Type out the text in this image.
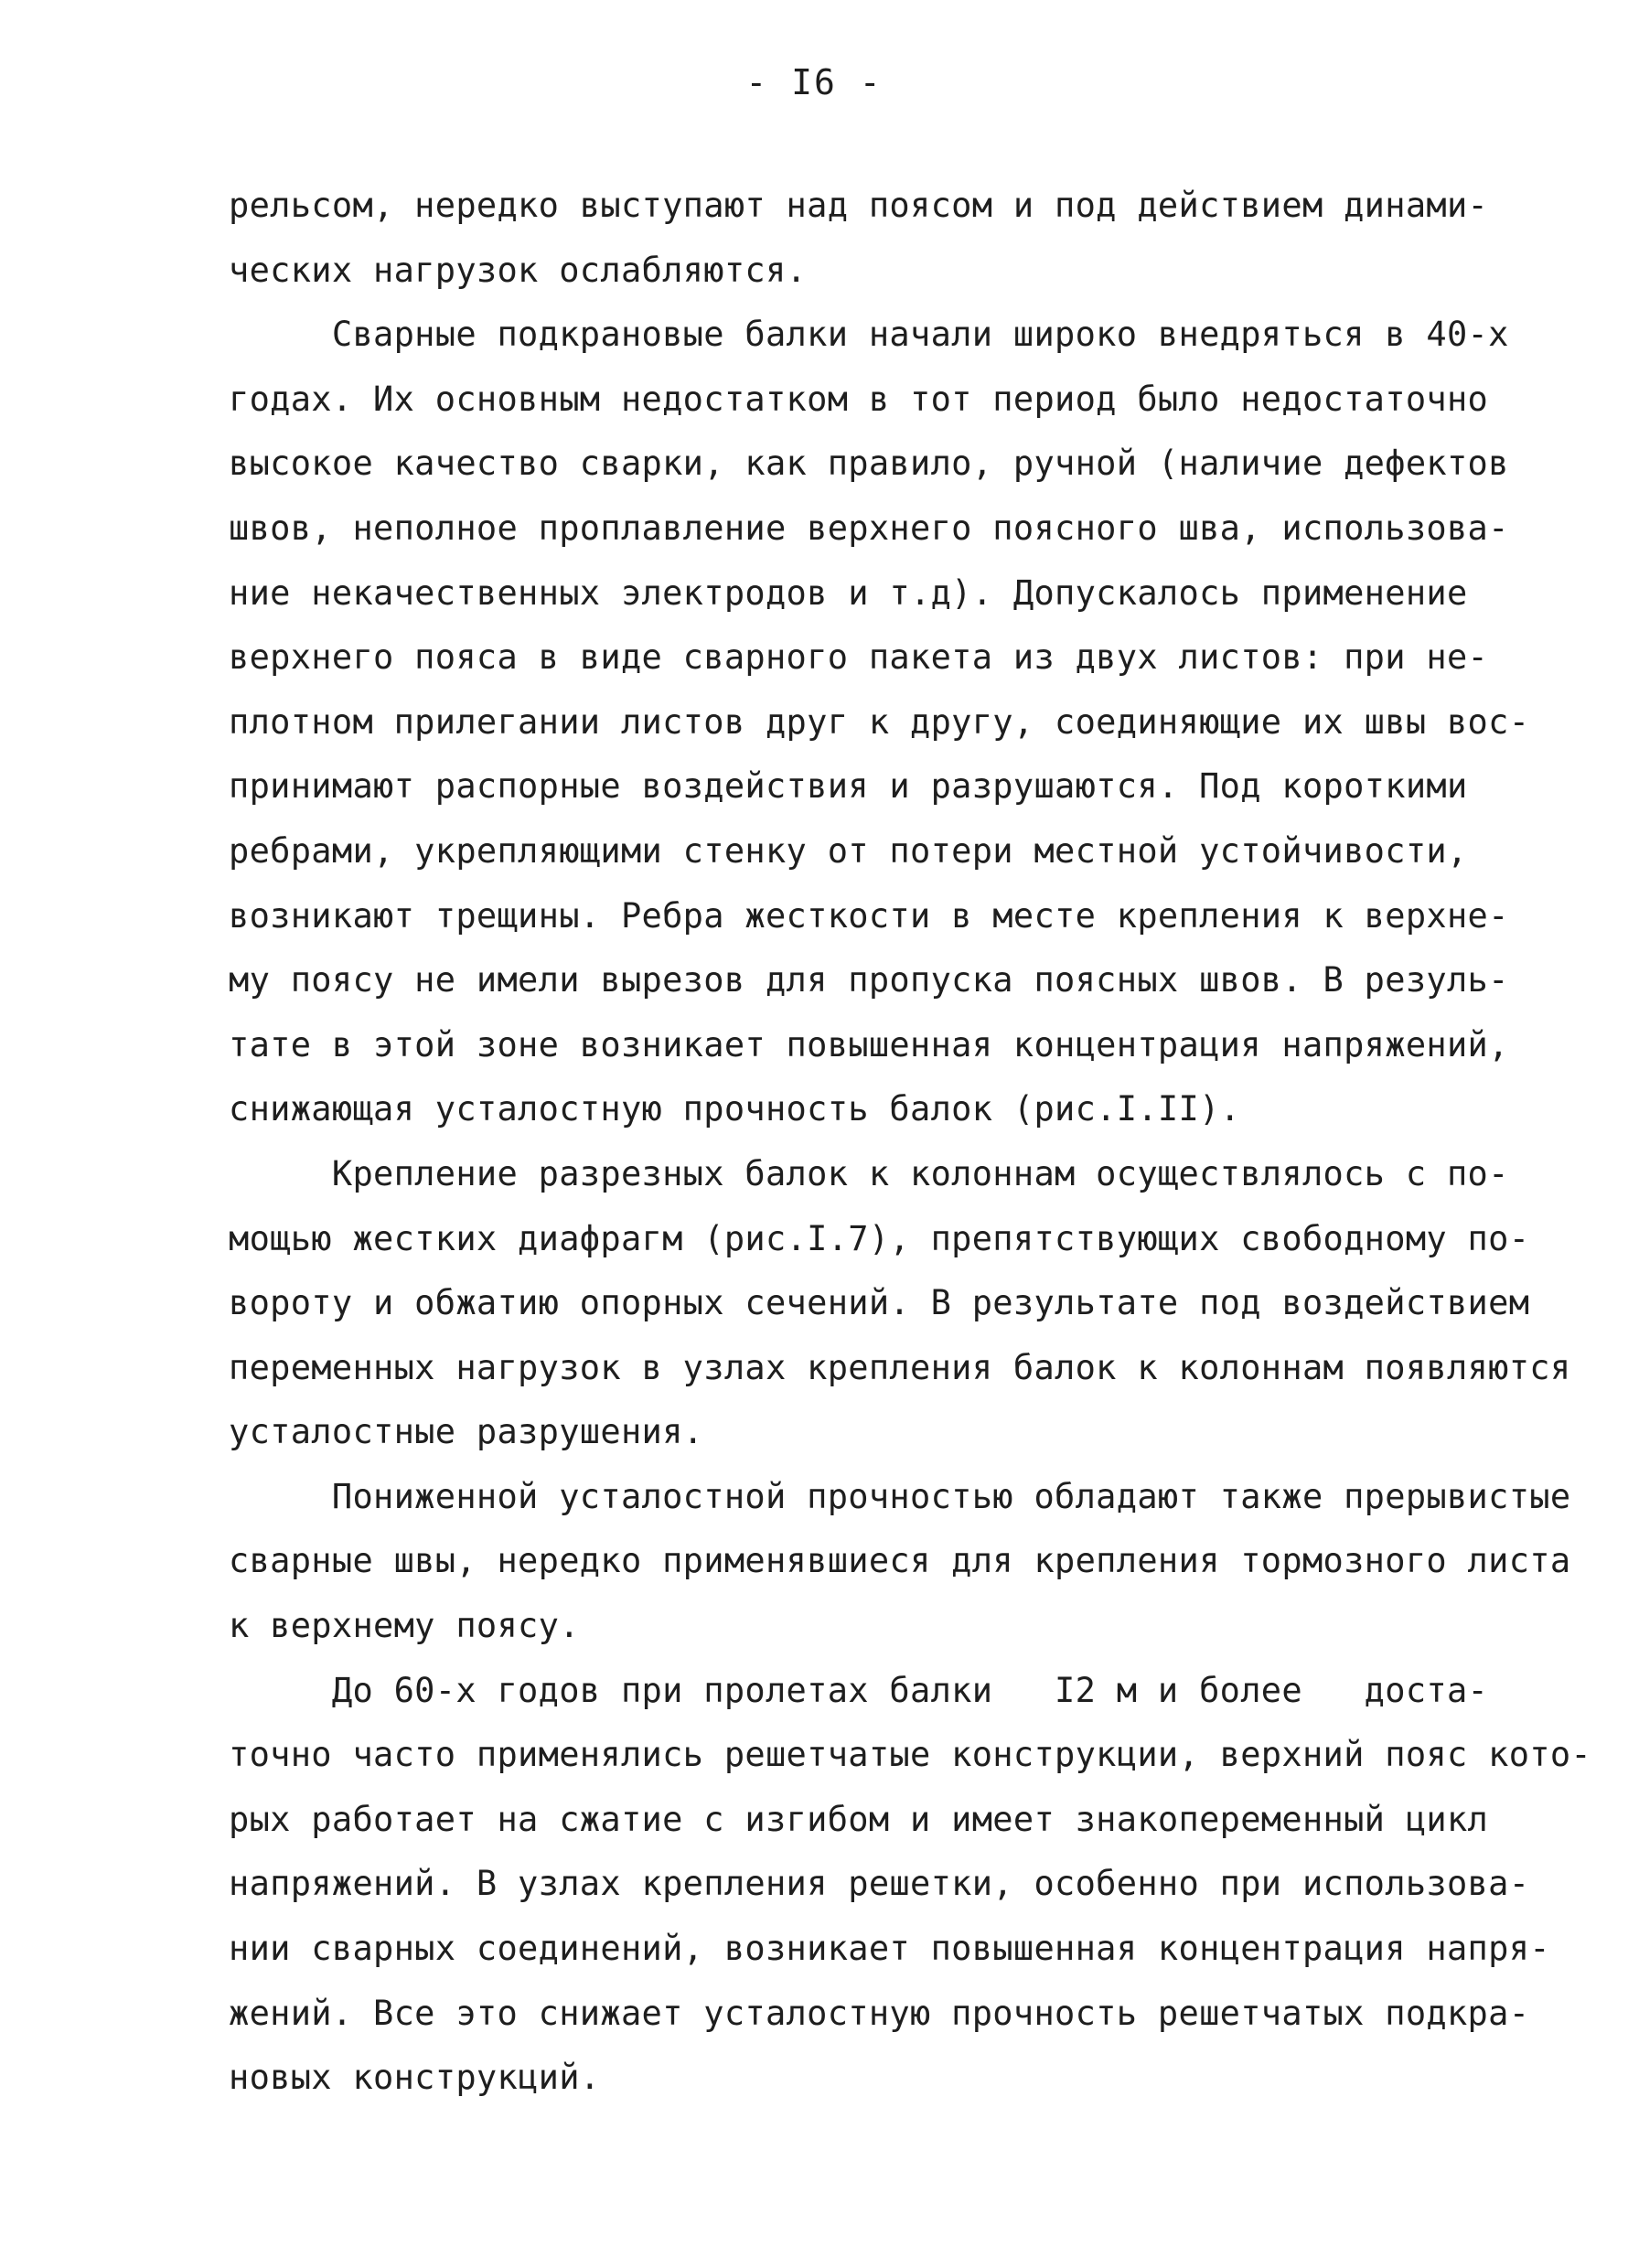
- I6 -
рельсом, нередко выступают над поясом и под действием динами-
ческих нагрузок ослабляются.
Сварные подкрановые балки начали широко внедряться в 40-х
годах. Их основным недостатком в тот период было недостаточно
высокое качество сварки, как правило, ручной (наличие дефектов
швов, неполное проплавление верхнего поясного шва, использова-
ние некачественных электродов и т.д). Допускалось применение
верхнего пояса в виде сварного пакета из двух листов: при не-
плотном прилегании листов друг к другу, соединяющие их швы вос-
принимают распорные воздействия и разрушаются. Под короткими
ребрами, укрепляющими стенку от потери местной устойчивости,
возникают трещины. Ребра жесткости в месте крепления к верхне-
му поясу не имели вырезов для пропуска поясных швов. В резуль-
тате в этой зоне возникает повышенная концентрация напряжений,
снижающая усталостную прочность балок (рис.I.II).
Крепление разрезных балок к колоннам осуществлялось с по-
мощью жестких диафрагм (рис.I.7), препятствующих свободному по-
вороту и обжатию опорных сечений. В результате под воздействием
переменных нагрузок в узлах крепления балок к колоннам появляются
усталостные разрушения.
Пониженной усталостной прочностью обладают также прерывистые
сварные швы, нередко применявшиеся для крепления тормозного листа
к верхнему поясу.
До 60-х годов при пролетах балки   I2 м и более   доста-
точно часто применялись решетчатые конструкции, верхний пояс кото-
рых работает на сжатие с изгибом и имеет знакопеременный цикл
напряжений. В узлах крепления решетки, особенно при использова-
нии сварных соединений, возникает повышенная концентрация напря-
жений. Все это снижает усталостную прочность решетчатых подкра-
новых конструкций.
